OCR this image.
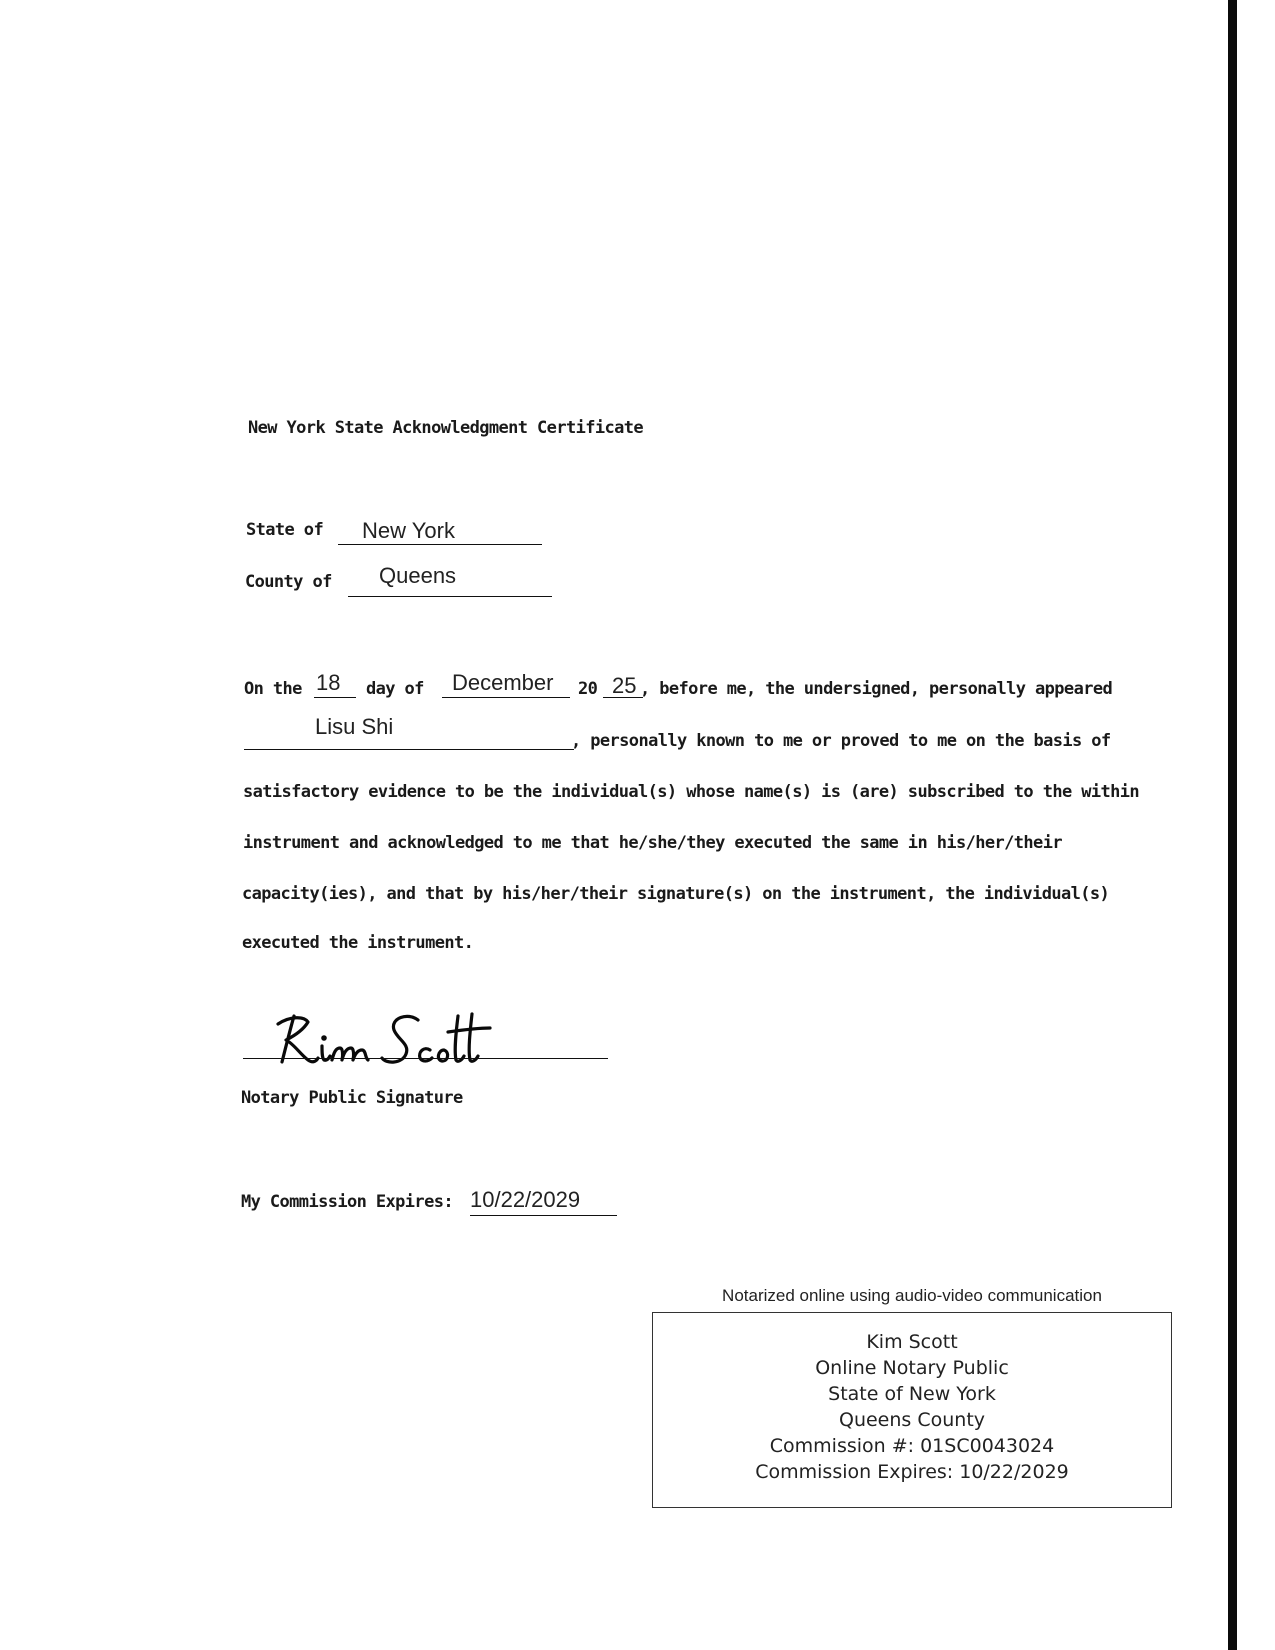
New York State Acknowledgment Certificate
State of New York
County of Queens
On the 18 day of December 20 25 , before me, the undersigned, personally appeared
Lisu Shi
, personally known to me or proved to me on the basis of
satisfactory evidence to be the individual(s) whose name(s) is (are) subscribed to the within
instrument and acknowledged to me that he/she/they executed the same in his/her/their
capacity(ies), and that by his/her/their signature(s) on the instrument, the individual(s)
executed the instrument.
Notary Public Signature
My Commission Expires: 10/22/2029
Notarized online using audio-video communication
Kim Scott
Online Notary Public
State of New York
Queens County
Commission #: 01SC0043024
Commission Expires: 10/22/2029
